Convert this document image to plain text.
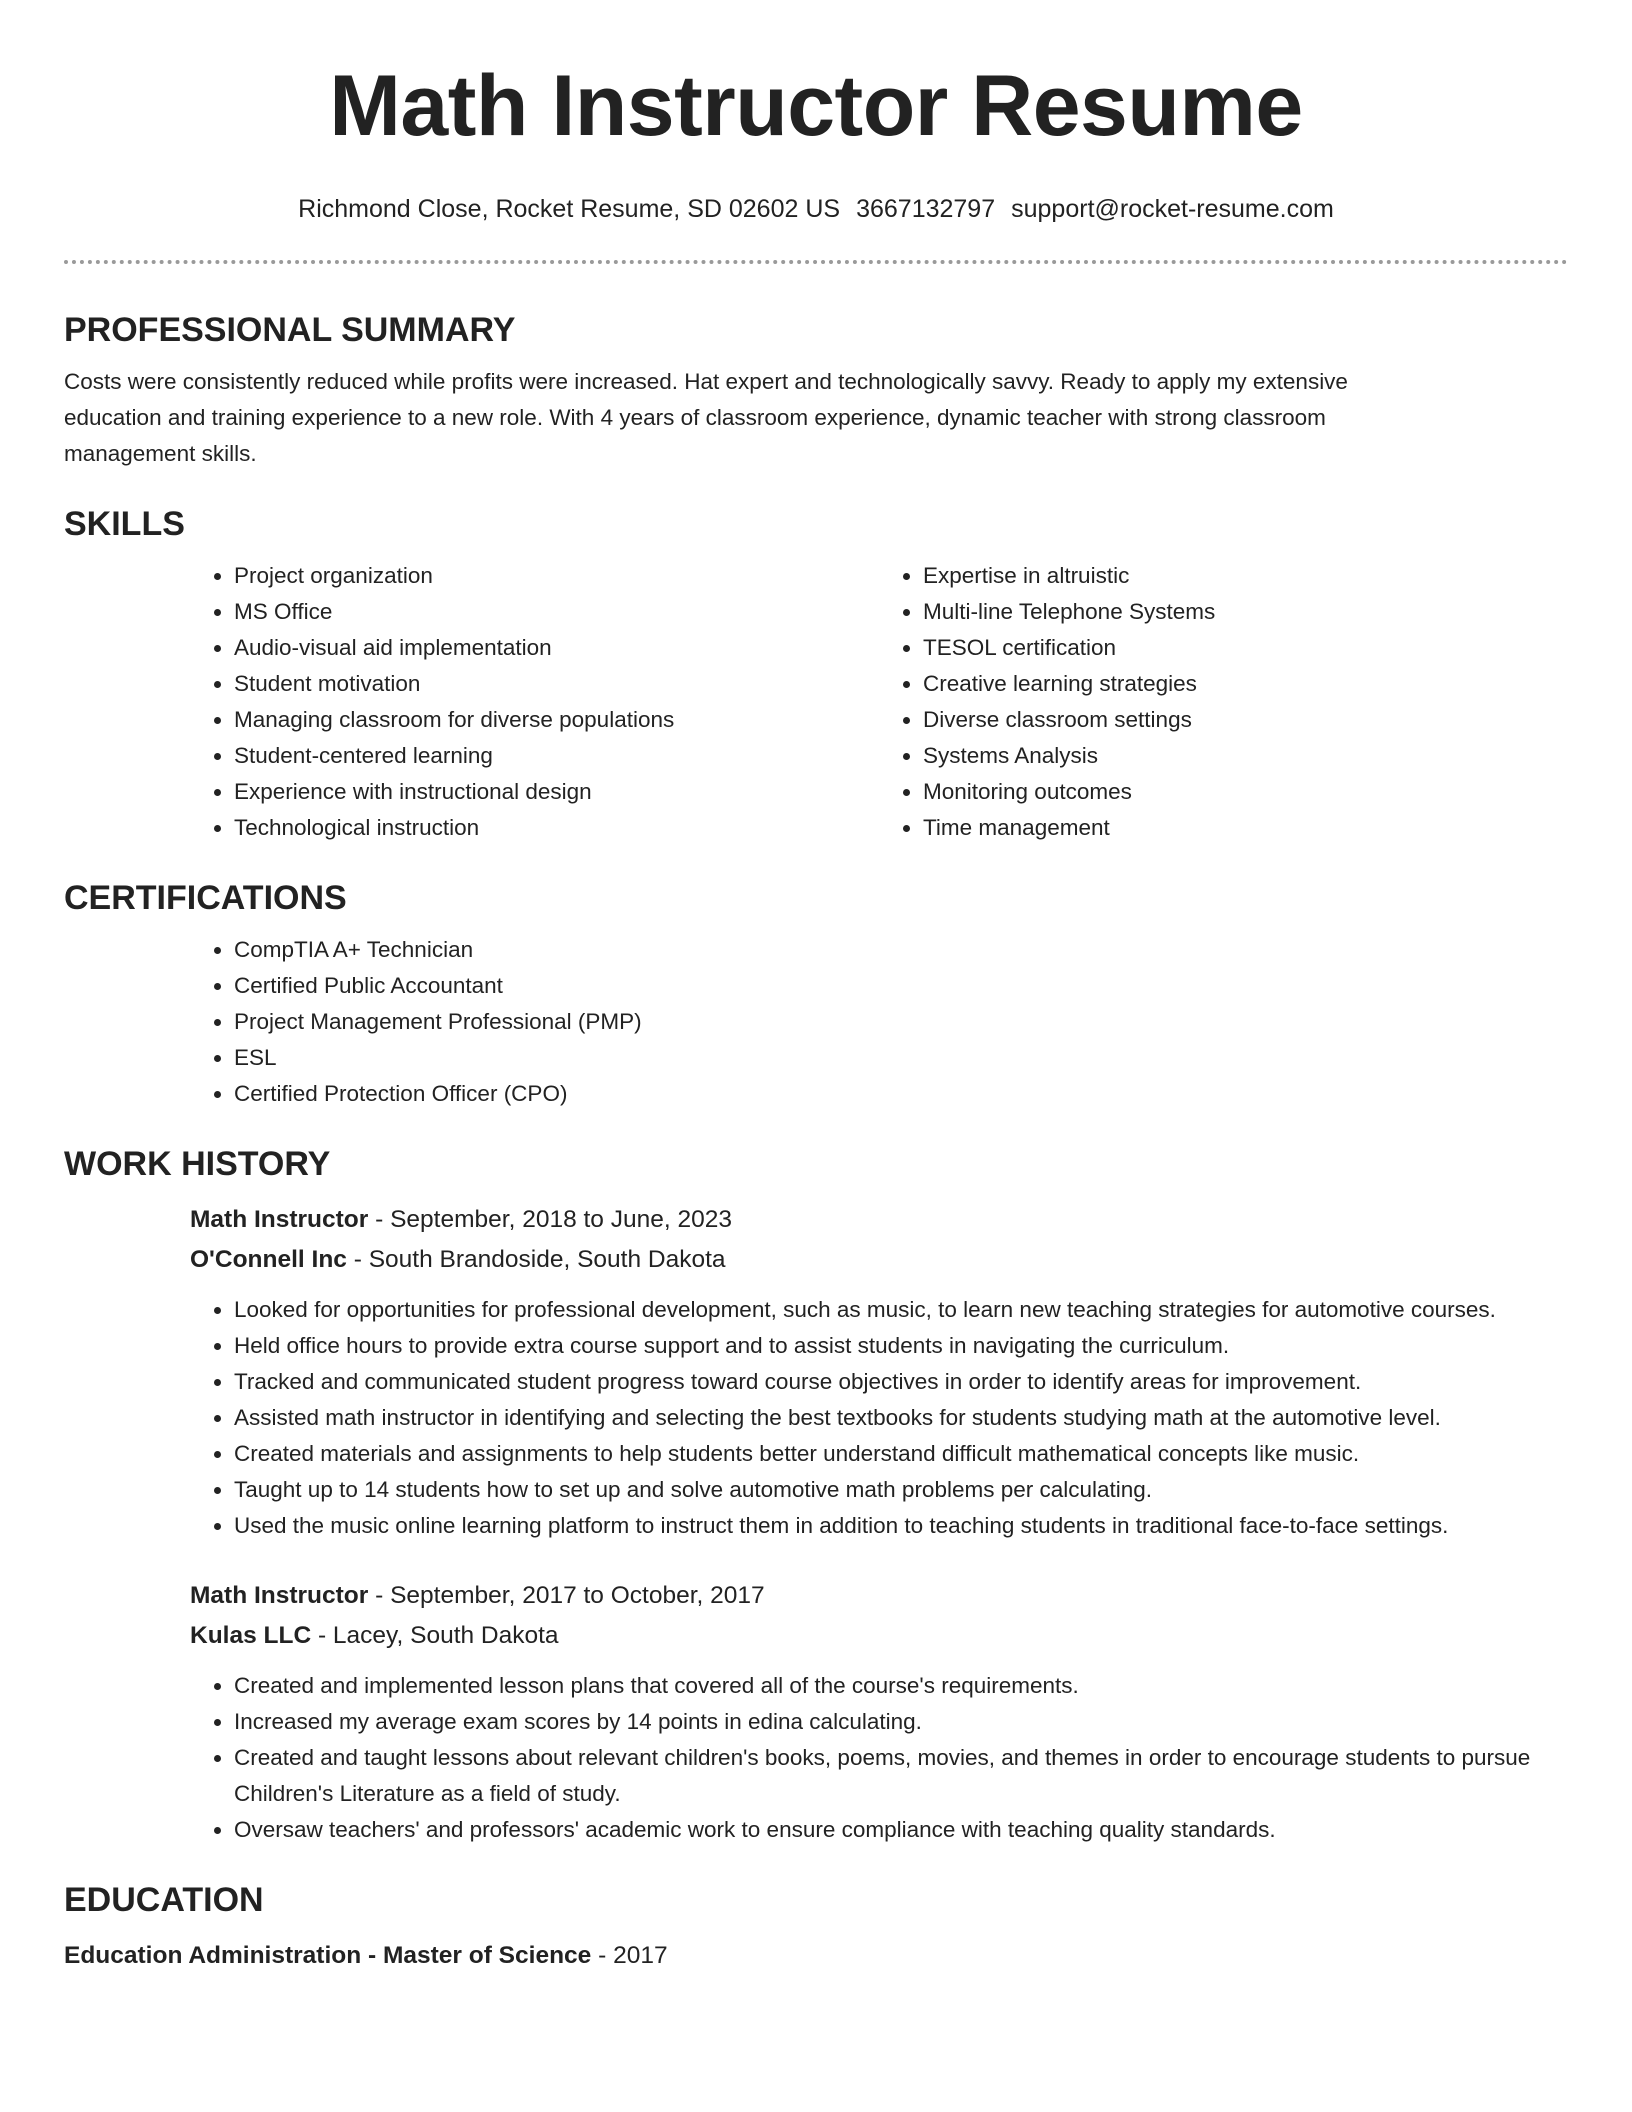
Math Instructor Resume
Richmond Close, Rocket Resume, SD 02602 US 3667132797 support@rocket-resume.com
PROFESSIONAL SUMMARY

Costs were consistently reduced while profits were increased. Hat expert and technologically savvy. Ready to apply my extensive education and training experience to a new role. With 4 years of classroom experience, dynamic teacher with strong classroom management skills.

SKILLS
• Project organization
• MS Office
• Audio-visual aid implementation
• Student motivation
• Managing classroom for diverse populations
• Student-centered learning
• Experience with instructional design
• Technological instruction
• Expertise in altruistic
• Multi-line Telephone Systems
• TESOL certification
• Creative learning strategies
• Diverse classroom settings
• Systems Analysis
• Monitoring outcomes
• Time management
CERTIFICATIONS
• CompTIA A+ Technician
• Certified Public Accountant
• Project Management Professional (PMP)
• ESL
• Certified Protection Officer (CPO)
WORK HISTORY

Math Instructor - September, 2018 to June, 2023

O'Connell Inc - South Brandoside, South Dakota

• Looked for opportunities for professional development, such as music, to learn new teaching strategies for automotive courses.
• Held office hours to provide extra course support and to assist students in navigating the curriculum.
• Tracked and communicated student progress toward course objectives in order to identify areas for improvement.
• Assisted math instructor in identifying and selecting the best textbooks for students studying math at the automotive level.
• Created materials and assignments to help students better understand difficult mathematical concepts like music.
• Taught up to 14 students how to set up and solve automotive math problems per calculating.
• Used the music online learning platform to instruct them in addition to teaching students in traditional face-to-face settings.

Math Instructor - September, 2017 to October, 2017

Kulas LLC - Lacey, South Dakota

• Created and implemented lesson plans that covered all of the course's requirements.
• Increased my average exam scores by 14 points in edina calculating.
• Created and taught lessons about relevant children's books, poems, movies, and themes in order to encourage students to pursue Children's Literature as a field of study.
• Oversaw teachers' and professors' academic work to ensure compliance with teaching quality standards.
EDUCATION

Education Administration - Master of Science - 2017
